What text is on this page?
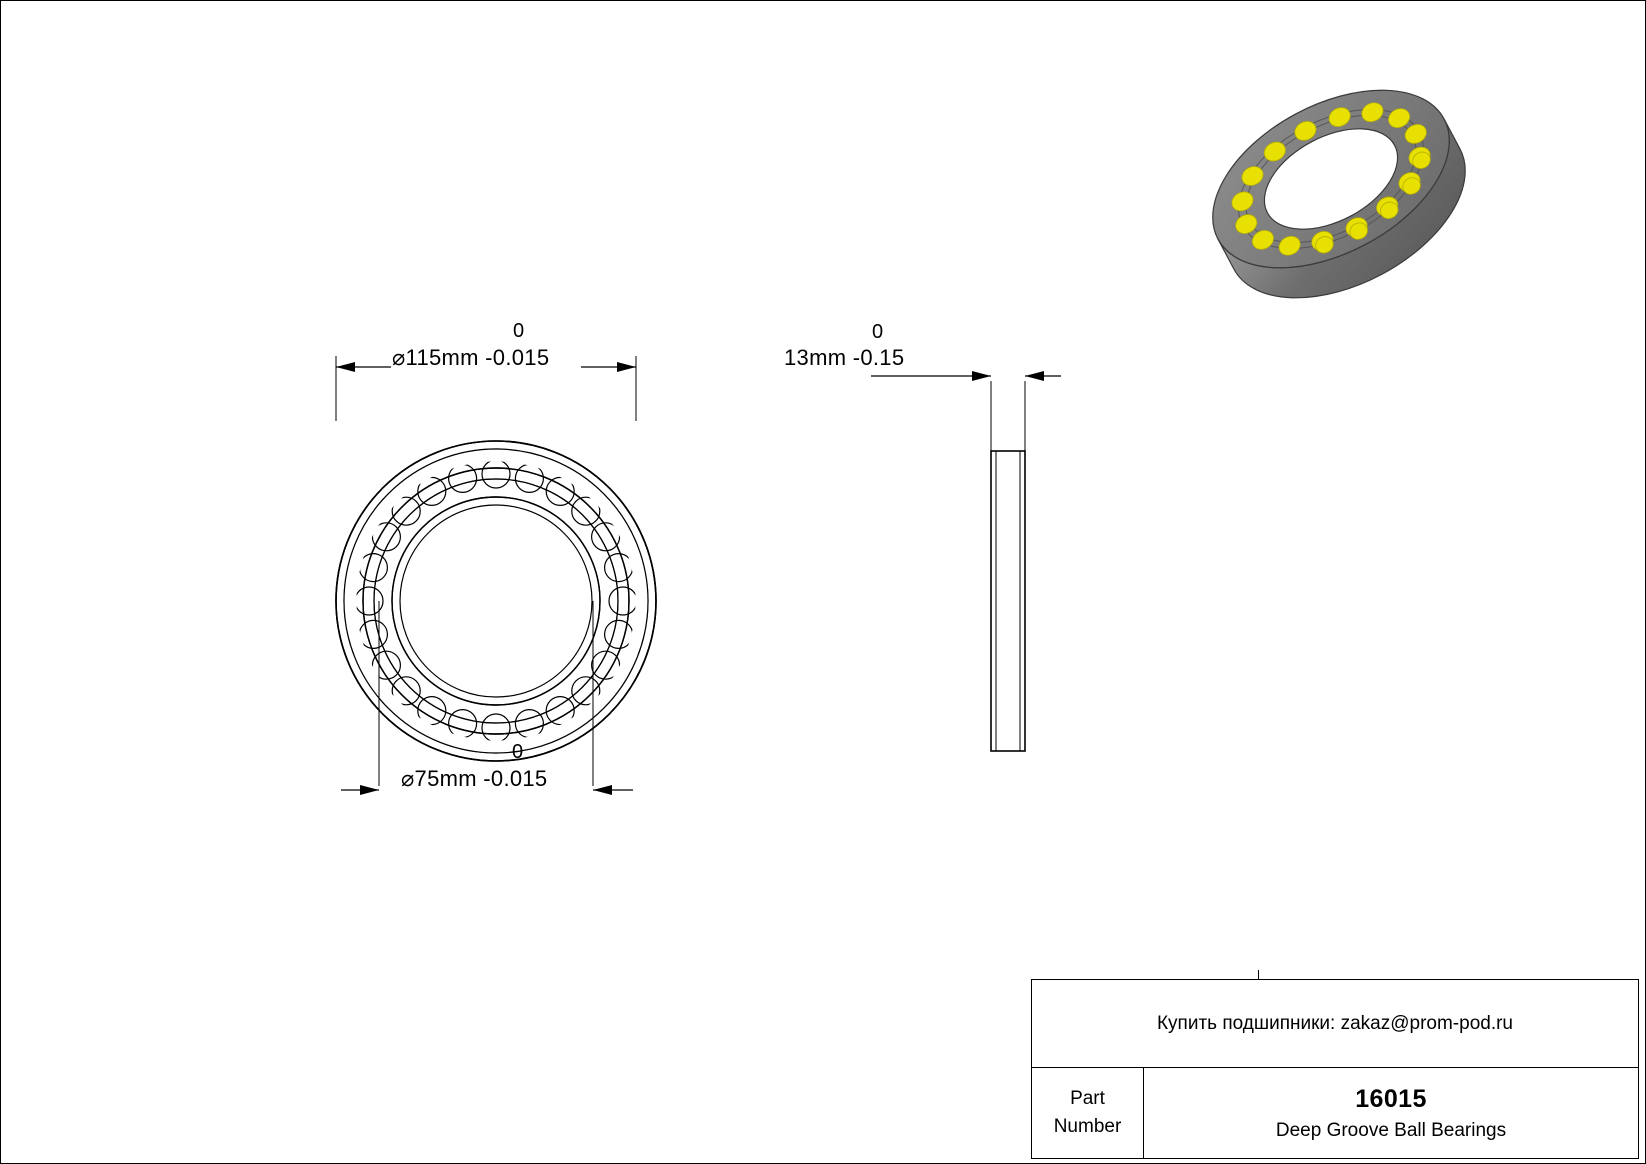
0
⌀115mm -0.015
0
⌀75mm -0.015
0
13mm -0.15
Купить подшипники: zakaz@prom-pod.ru
Part
Number
16015
Deep Groove Ball Bearings
